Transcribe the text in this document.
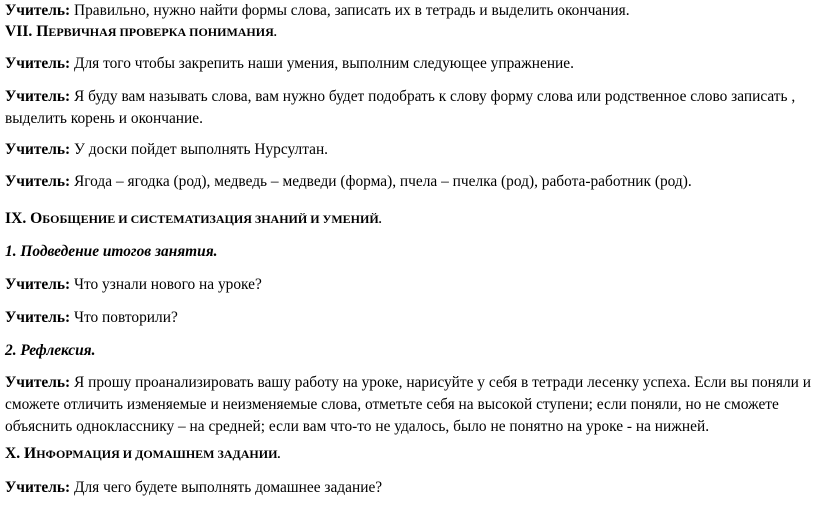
Учитель: Правильно, нужно найти формы слова, записать их в тетрадь и выделить окончания.
VII. ПЕРВИЧНАЯ ПРОВЕРКА ПОНИМАНИЯ.
Учитель: Для того чтобы закрепить наши умения, выполним следующее упражнение.
Учитель: Я буду вам называть слова, вам нужно будет подобрать к слову форму слова или родственное слово записать , выделить корень и окончание.
Учитель: У доски пойдет выполнять Нурсултан.
Учитель: Ягода – ягодка (род), медведь – медведи (форма), пчела – пчелка (род), работа-работник (род).
IX. ОБОБЩЕНИЕ И СИСТЕМАТИЗАЦИЯ ЗНАНИЙ И УМЕНИЙ.
1. Подведение итогов занятия.
Учитель: Что узнали нового на уроке?
Учитель: Что повторили?
2. Рефлексия.
Учитель: Я прошу проанализировать вашу работу на уроке, нарисуйте у себя в тетради лесенку успеха. Если вы поняли и сможете отличить изменяемые и неизменяемые слова, отметьте себя на высокой ступени; если поняли, но не сможете объяснить однокласснику – на средней; если вам что-то не удалось, было не понятно на уроке - на нижней.
X. ИНФОРМАЦИЯ И ДОМАШНЕМ ЗАДАНИИ.
Учитель: Для чего будете выполнять домашнее задание?
